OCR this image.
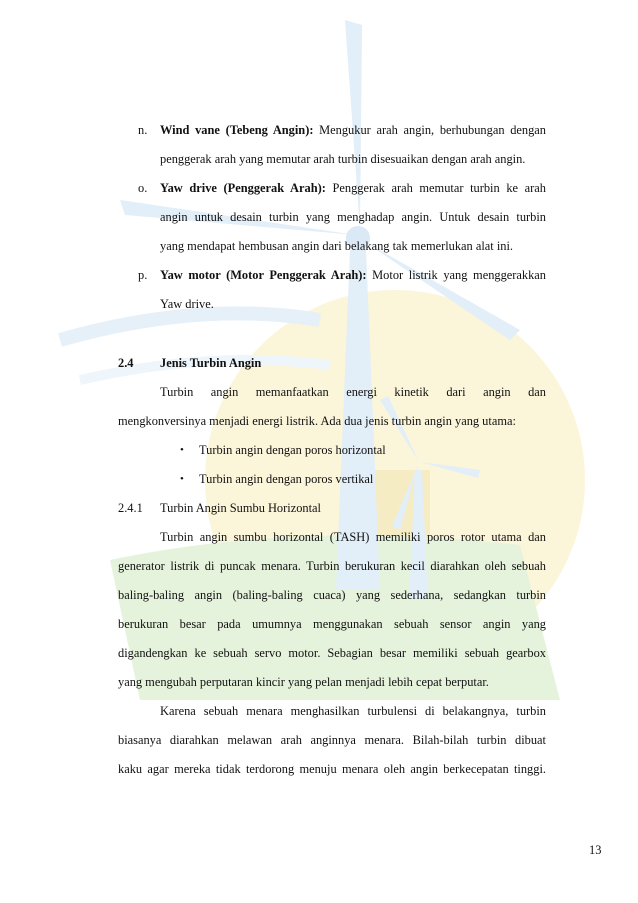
n. Wind vane (Tebeng Angin): Mengukur arah angin, berhubungan dengan
penggerak arah yang memutar arah turbin disesuaikan dengan arah angin.
o. Yaw drive (Penggerak Arah): Penggerak arah memutar turbin ke arah
angin untuk desain turbin yang menghadap angin. Untuk desain turbin
yang mendapat hembusan angin dari belakang tak memerlukan alat ini.
p. Yaw motor (Motor Penggerak Arah): Motor listrik yang menggerakkan
Yaw drive.
2.4 Jenis Turbin Angin
Turbin angin memanfaatkan energi kinetik dari angin dan
mengkonversinya menjadi energi listrik. Ada dua jenis turbin angin yang utama:
• Turbin angin dengan poros horizontal
• Turbin angin dengan poros vertikal
2.4.1 Turbin Angin Sumbu Horizontal
Turbin angin sumbu horizontal (TASH) memiliki poros rotor utama dan
generator listrik di puncak menara. Turbin berukuran kecil diarahkan oleh sebuah
baling-baling angin (baling-baling cuaca) yang sederhana, sedangkan turbin
berukuran besar pada umumnya menggunakan sebuah sensor angin yang
digandengkan ke sebuah servo motor. Sebagian besar memiliki sebuah gearbox
yang mengubah perputaran kincir yang pelan menjadi lebih cepat berputar.
Karena sebuah menara menghasilkan turbulensi di belakangnya, turbin
biasanya diarahkan melawan arah anginnya menara. Bilah-bilah turbin dibuat
kaku agar mereka tidak terdorong menuju menara oleh angin berkecepatan tinggi.
13
